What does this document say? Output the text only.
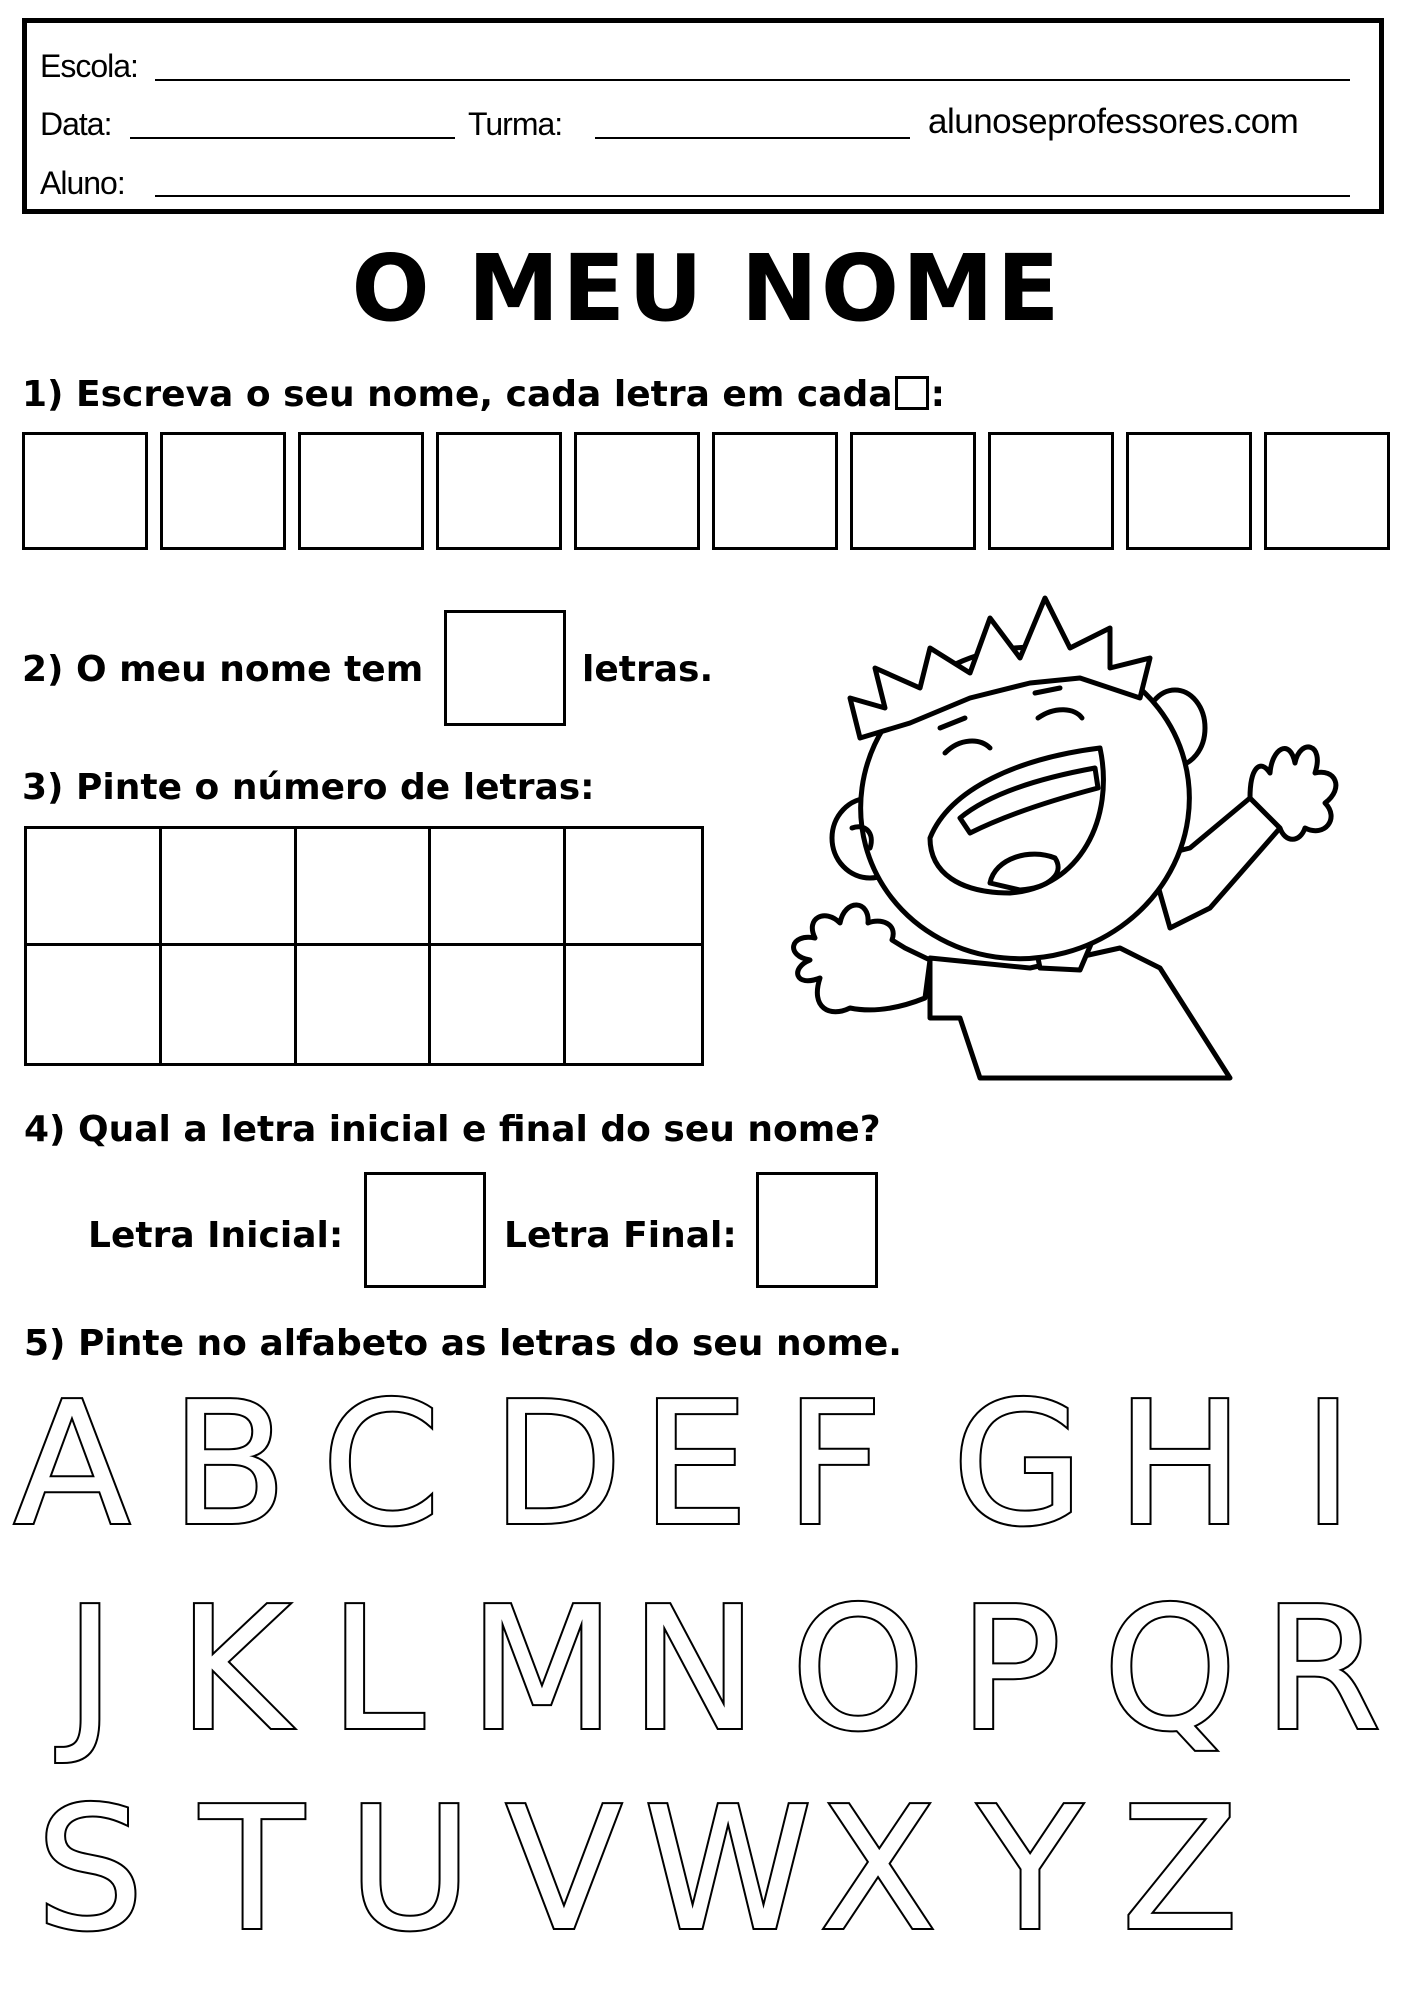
Escola:
Data:	Turma:	alunoseprofessores.com
Aluno:
O MEU NOME
1) Escreva o seu nome, cada letra em cada :
2) O meu nome tem	letras.
3) Pinte o número de letras:
4) Qual a letra inicial e final do seu nome?
Letra Inicial:	Letra Final:
5) Pinte no alfabeto as letras do seu nome.
A B C D E F G H I
J K L M N O P Q R
S T U V W X Y Z
